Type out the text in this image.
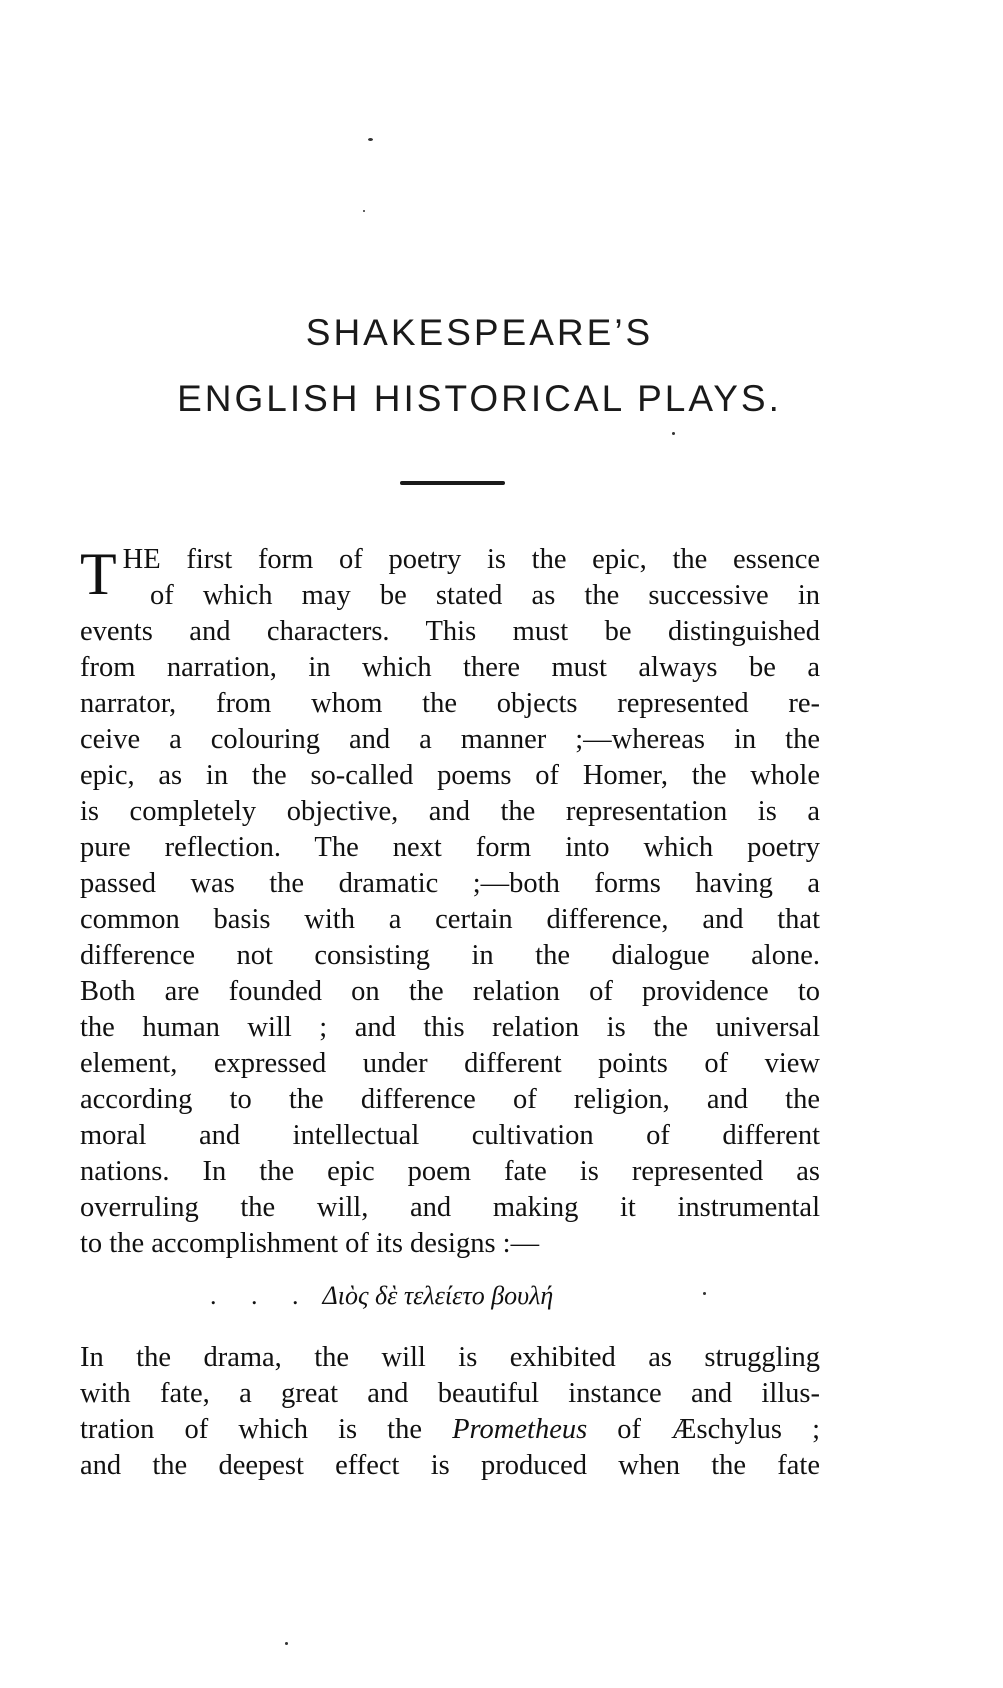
SHAKESPEARE’S
ENGLISH HISTORICAL PLAYS.
T HE first form of poetry is the epic, the essence
of which may be stated as the successive in
events and characters. This must be distinguished
from narration, in which there must always be a
narrator, from whom the objects represented re-
ceive a colouring and a manner ;—whereas in the
epic, as in the so-called poems of Homer, the whole
is completely objective, and the representation is a
pure reflection. The next form into which poetry
passed was the dramatic ;—both forms having a
common basis with a certain difference, and that
difference not consisting in the dialogue alone.
Both are founded on the relation of providence to
the human will ; and this relation is the universal
element, expressed under different points of view
according to the difference of religion, and the
moral and intellectual cultivation of different
nations. In the epic poem fate is represented as
overruling the will, and making it instrumental
to the accomplishment of its designs :—
. . . Διὸς δὲ τελείετο βουλή
In the drama, the will is exhibited as struggling
with fate, a great and beautiful instance and illus-
tration of which is the Prometheus of Æschylus ;
and the deepest effect is produced when the fate
